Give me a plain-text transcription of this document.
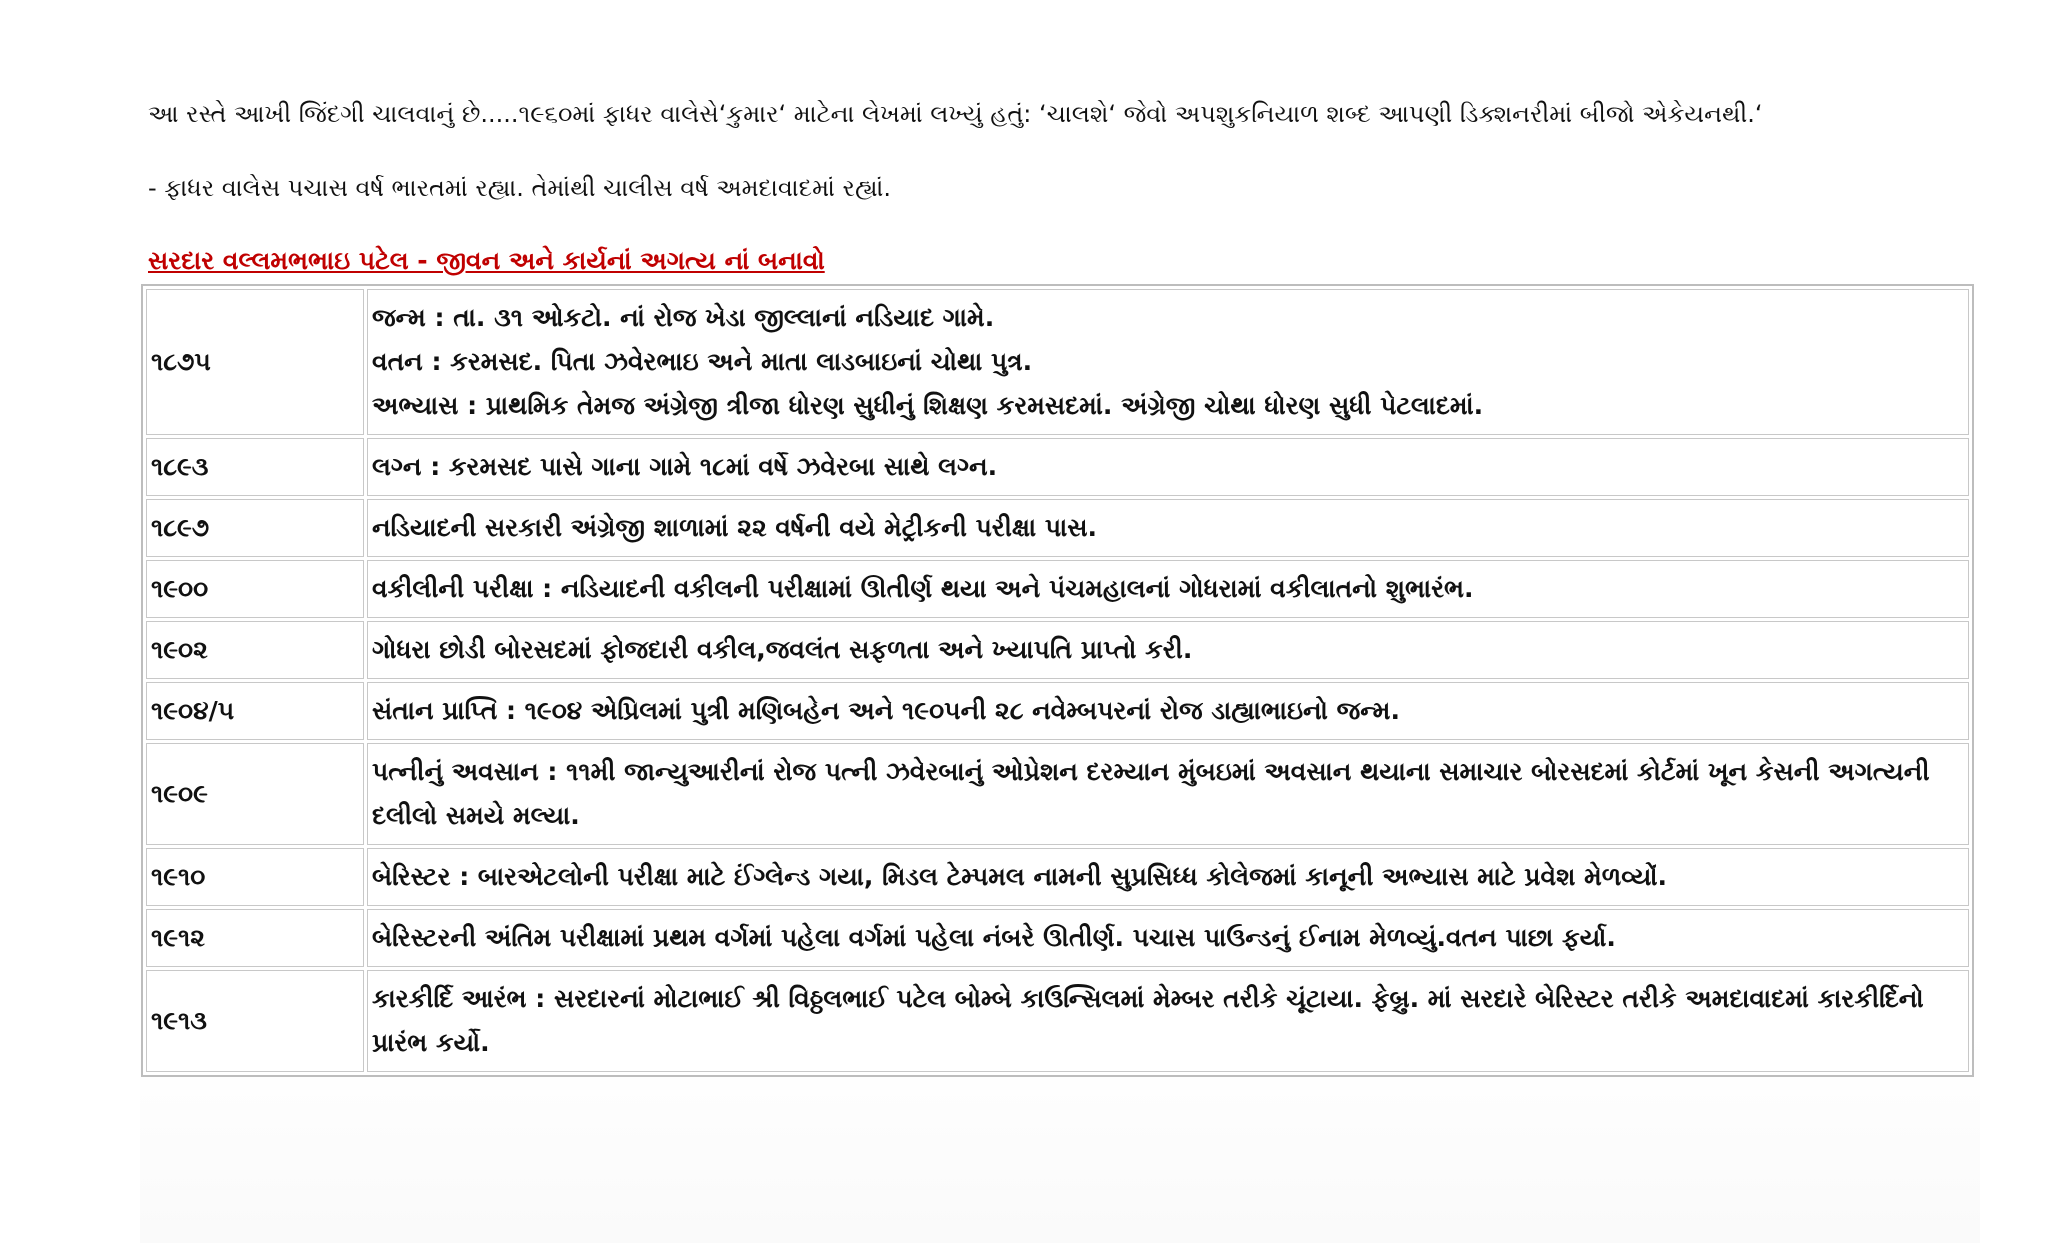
આ રસ્તે આખી જિંદગી ચાલવાનું છે.....૧૯૬૦માં ફાધર વાલેસે‘કુમાર‘ માટેના લેખમાં લખ્યું હતું: ‘ચાલશે‘ જેવો અપશુકનિયાળ શબ્દ આપણી ડિક્શનરીમાં બીજો એકેયનથી.‘

- ફાધર વાલેસ પચાસ વર્ષ ભારતમાં રહ્યા. તેમાંથી ચાલીસ વર્ષ અમદાવાદમાં રહ્યાં.

સરદાર વલ્લમભભાઇ પટેલ - જીવન અને કાર્યનાં અગત્ય નાં બનાવો
૧૮૭૫	જન્મ : તા. ૩૧ ઓકટો. નાં રોજ ખેડા જીલ્લાનાં નડિયાદ ગામે.
વતન : કરમસદ. પિતા ઝવેરભાઇ અને માતા લાડબાઇનાં ચોથા પુત્ર.
અભ્યાસ : પ્રાથમિક તેમજ અંગ્રેજી ત્રીજા ધોરણ સુધીનું શિક્ષણ કરમસદમાં. અંગ્રેજી ચોથા ધોરણ સુધી પેટલાદમાં.

૧૮૯૩	લગ્ન : કરમસદ પાસે ગાના ગામે ૧૮માં વર્ષે ઝવેરબા સાથે લગ્ન.

૧૮૯૭	નડિયાદની સરકારી અંગ્રેજી શાળામાં ૨૨ વર્ષની વયે મેટ્રીકની પરીક્ષા પાસ.

૧૯૦૦	વકીલીની પરીક્ષા : નડિયાદની વકીલની પરીક્ષામાં ઊતીર્ણ થયા અને પંચમહાલનાં ગોધરામાં વકીલાતનો શુભારંભ.

૧૯૦૨	ગોધરા છોડી બોરસદમાં ફોજદારી વકીલ,જવલંત સફળતા અને ખ્યાપતિ પ્રાપ્તો કરી.

૧૯૦૪/૫	સંતાન પ્રાપ્તિ : ૧૯૦૪ એપ્રિલમાં પુત્રી મણિબહેન અને ૧૯૦૫ની ૨૮ નવેમ્બપરનાં રોજ ડાહ્યાભાઇનો જન્મ.

૧૯૦૯	પત્નીનું અવસાન : ૧૧મી જાન્યુઆરીનાં રોજ પત્ની ઝવેરબાનું ઓપ્રેશન દરમ્યાન મુંબઇમાં અવસાન થયાના સમાચાર બોરસદમાં કોર્ટમાં ખૂન કેસની અગત્યની દલીલો સમયે મલ્યા.

૧૯૧૦	બેરિસ્ટર : બારએટલોની પરીક્ષા માટે ઈંગ્લેન્ડ ગયા, મિડલ ટેમ્પમલ નામની સુપ્રસિધ્ધ કોલેજમાં કાનૂની અભ્યાસ માટે પ્રવેશ મેળવ્યોં.

૧૯૧૨	બેરિસ્ટરની અંતિમ પરીક્ષામાં પ્રથમ વર્ગમાં પહેલા વર્ગમાં પહેલા નંબરે ઊતીર્ણ. પચાસ પાઉન્ડનું ઈનામ મેળવ્યું.વતન પાછા ફર્યા.

૧૯૧૩	કારકીર્દિ આરંભ : સરદારનાં મોટાભાઈ શ્રી વિઠ્ઠલભાઈ પટેલ બોમ્બે કાઉન્સિલમાં મેમ્બર તરીકે ચૂંટાયા. ફેબ્રુ. માં સરદારે બેરિસ્ટર તરીકે અમદાવાદમાં કારકીર્દિનો પ્રારંભ કર્યો.
